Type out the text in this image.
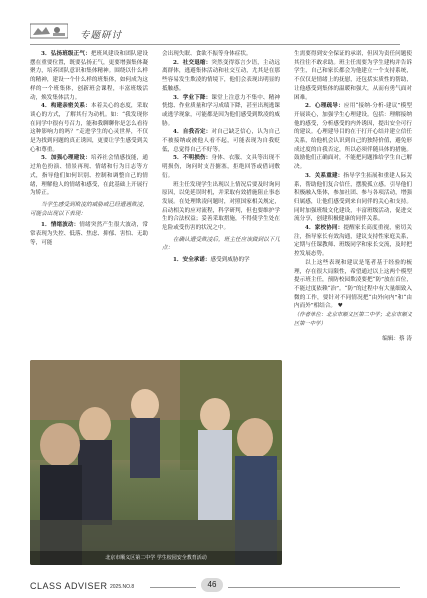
专题研讨

3．弘扬班级正气：把班风建设和团队建设摆在重要位置，既要弘扬正气，更要增强集体凝聚力，培养团队意识和集体精神。围绕以什么样的精神，建设一个什么样的班集体，如何成为这样的一个班集体，创新班会课程，丰富班级活动，焕发集体活力。

4．构建亲密关系：本着关心的态度，采取谈心的方式，了解其行为动机。如：“我发现你在同学中很有号召力，能和我聊聊你是怎么看待这种影响力的吗？”走进学生的心灵世界，不仅是为找到问题的真正诱因，更要让学生感受到关心和尊重。

5．加强心理建设：培养社会情感技能，通过角色扮演、情景再现、情绪和行为日志等方式，指导他们如何识别、控制和调整自己的情绪，理解他人的情绪和感受，在此基础上开展行为矫正。

当学生感受到欺凌的威胁或已经遭遇欺凌，可能会出现以下表现：

1．情绪波动：情绪突然产生很大波动，常常表现为失控、低落、焦虑、抑郁、害怕、无助等，可能

会出现失眠、食欲不振等身体症状。

2．社交退缩：突然变得寡言少语，主动远离群体，逃避集体活动和社交互动，尤其是在那些容易发生欺凌的情境下，他们会表现出明显的抵触感。

3．学业下降：课堂上注意力不集中、精神恍惚、作业质量和学习成绩下降，甚至出现逃课或逃学现象，可能都是因为他们感受到欺凌的威胁。

4．自我否定：对自己缺乏信心，认为自己不被接纳或被他人看不起，可能表现为自我贬低，总觉得自己不好等。

5．不明损伤：身体、衣服、文具等出现不明损伤，询问时支吾搪塞，拒绝回答或借词敷衍。

班主任发现学生出现以上情况后要及时询问原因，以免延误时机，并采取有效措施阻止事态发展。在处理欺凌问题时，对照国家相关规定，启动相关的应对流程，科学研判，但也要维护学生的合法权益；妥善采取措施，不得使学生处在危险或受伤害的状况之中。

在确认遭受欺凌后，班主任应该做到以下几点：

1．安全承诺：感受到威胁的学

生需要得到安全保证的承诺，但因为责任问题使其往往不敢求助。班主任需要为学生建构并告诉学生，自己和家长都会为他建立一个支持系统，不仅仅是情绪上的抚慰，还包括实质性的帮助，让他感受到集体的温暖和强大，从而有勇气面对困难。

2．心理疏导：应用“接纳-分析-建议”模型开展谈心，加强学生心理建设。包括：理解接纳他的感受，分析感受的内外诱因，提出安全可行的建议。心理建导目的在于打开心结并建立信任关系，给他机会认识到自己的独特价值，避免形成过度的自我否定，所以必须伴随具体的措施。鼓励他们正确面对，不能把问题推给学生自己解决。

3．关系重建：指导学生拓展和重建人际关系，帮助他们复合信任，摆脱孤立感。引导他们积极融入集体，参加社团、参与各项活动，增强归属感，让他们感受到来自同伴的关心和支持。同时加强班级文化建设，丰富班级活动，促进交流分享，创建积极健康的同伴关系。

4．家校协同：提醒家长高度重视，密切关注，指导家长有效沟通，建议支持性家庭关系，定期与任课教师、班级同学和家长交流，及时把控发展态势。

以上这些表现和建议是笔者基于经验的梳理，存在很大局限性，希望通过以上这两个模型提示班主任，预防校园欺凌要把“防”放在首位，不能过度依赖“治”。“防”的过程中有大量细致入微的工作，要针对不同情况把“由外向内”和“由内而外”相结合。 ♥

（作者单位：北京市顺义区第二中学；北京市顺义区第一中学）

编辑：蔡 涛
北京市顺义区第二中学 学生校园安全教育活动
CLASS ADVISER 2025.NO.8	46
